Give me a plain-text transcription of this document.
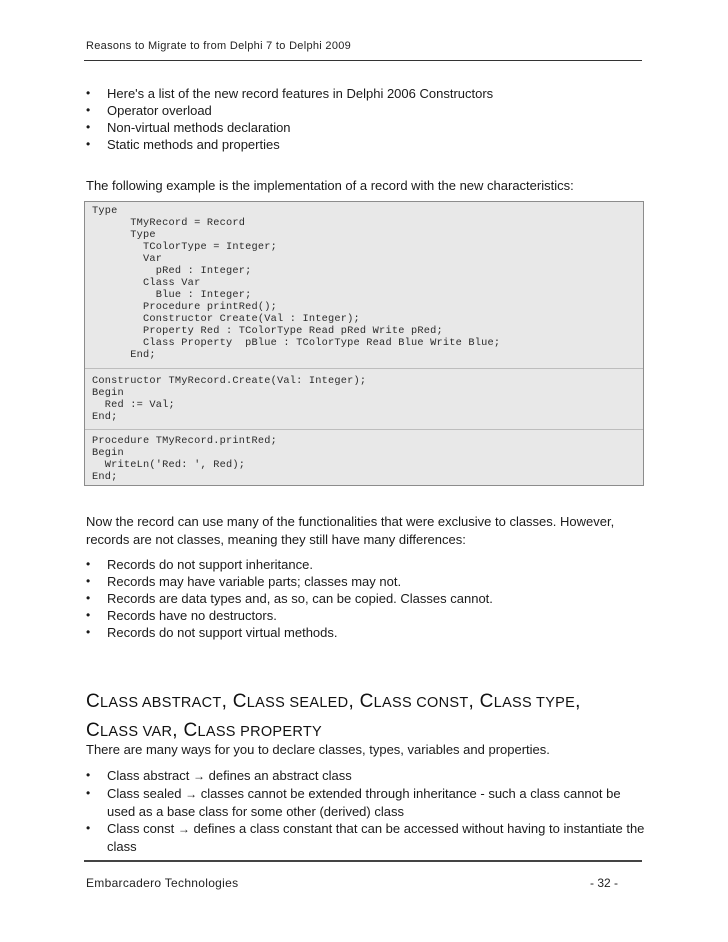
Reasons to Migrate to from Delphi 7 to Delphi 2009
• Here's a list of the new record features in Delphi 2006 Constructors
• Operator overload
• Non-virtual methods declaration
• Static methods and properties
The following example is the implementation of a record with the new characteristics:
Type
TMyRecord = Record
Type
TColorType = Integer;
Var
pRed : Integer;
Class Var
Blue : Integer;
Procedure printRed();
Constructor Create(Val : Integer);
Property Red : TColorType Read pRed Write pRed;
Class Property  pBlue : TColorType Read Blue Write Blue;
End;
Constructor TMyRecord.Create(Val: Integer);
Begin
Red := Val;
End;
Procedure TMyRecord.printRed;
Begin
WriteLn('Red: ', Red);
End;
Now the record can use many of the functionalities that were exclusive to classes. However, records are not classes, meaning they still have many differences:
• Records do not support inheritance.
• Records may have variable parts; classes may not.
• Records are data types and, as so, can be copied. Classes cannot.
• Records have no destructors.
• Records do not support virtual methods.
CLASS ABSTRACT, CLASS SEALED, CLASS CONST, CLASS TYPE,
CLASS VAR, CLASS PROPERTY
There are many ways for you to declare classes, types, variables and properties.
• Class abstract → defines an abstract class
• Class sealed → classes cannot be extended through inheritance - such a class cannot be used as a base class for some other (derived) class
• Class const → defines a class constant that can be accessed without having to instantiate the class
Embarcadero Technologies	- 32 -
